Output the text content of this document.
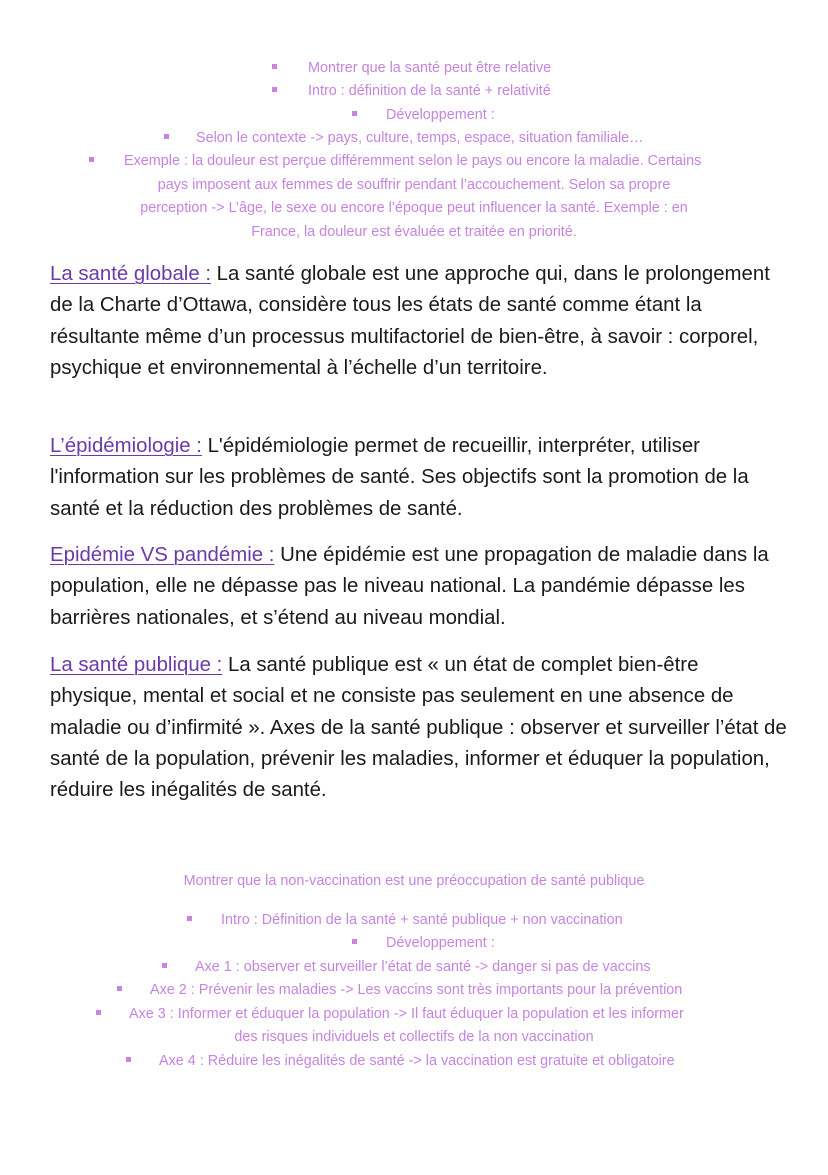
Montrer que la santé peut être relative
Intro : définition de la santé + relativité
Développement :
Selon le contexte -> pays, culture, temps, espace, situation familiale…
Exemple : la douleur est perçue différemment selon le pays ou encore la maladie. Certains
pays imposent aux femmes de souffrir pendant l’accouchement. Selon sa propre
perception -> L’âge, le sexe ou encore l’époque peut influencer la santé. Exemple : en
France, la douleur est évaluée et traitée en priorité.
La santé globale : La santé globale est une approche qui, dans le prolongement de la Charte d’Ottawa, considère tous les états de santé comme étant la résultante même d’un processus multifactoriel de bien-être, à savoir : corporel, psychique et environnemental à l’échelle d’un territoire.
L’épidémiologie : L'épidémiologie permet de recueillir, interpréter, utiliser l'information sur les problèmes de santé. Ses objectifs sont la promotion de la santé et la réduction des problèmes de santé.
Epidémie VS pandémie : Une épidémie est une propagation de maladie dans la population, elle ne dépasse pas le niveau national. La pandémie dépasse les barrières nationales, et s’étend au niveau mondial.
La santé publique : La santé publique est « un état de complet bien-être physique, mental et social et ne consiste pas seulement en une absence de maladie ou d’infirmité ». Axes de la santé publique : observer et surveiller l’état de santé de la population, prévenir les maladies, informer et éduquer la population, réduire les inégalités de santé.
Montrer que la non-vaccination est une préoccupation de santé publique
Intro : Définition de la santé + santé publique + non vaccination
Développement :
Axe 1 : observer et surveiller l’état de santé -> danger si pas de vaccins
Axe 2 : Prévenir les maladies -> Les vaccins sont très importants pour la prévention
Axe 3 : Informer et éduquer la population -> Il faut éduquer la population et les informer
des risques individuels et collectifs de la non vaccination
Axe 4 : Réduire les inégalités de santé -> la vaccination est gratuite et obligatoire
